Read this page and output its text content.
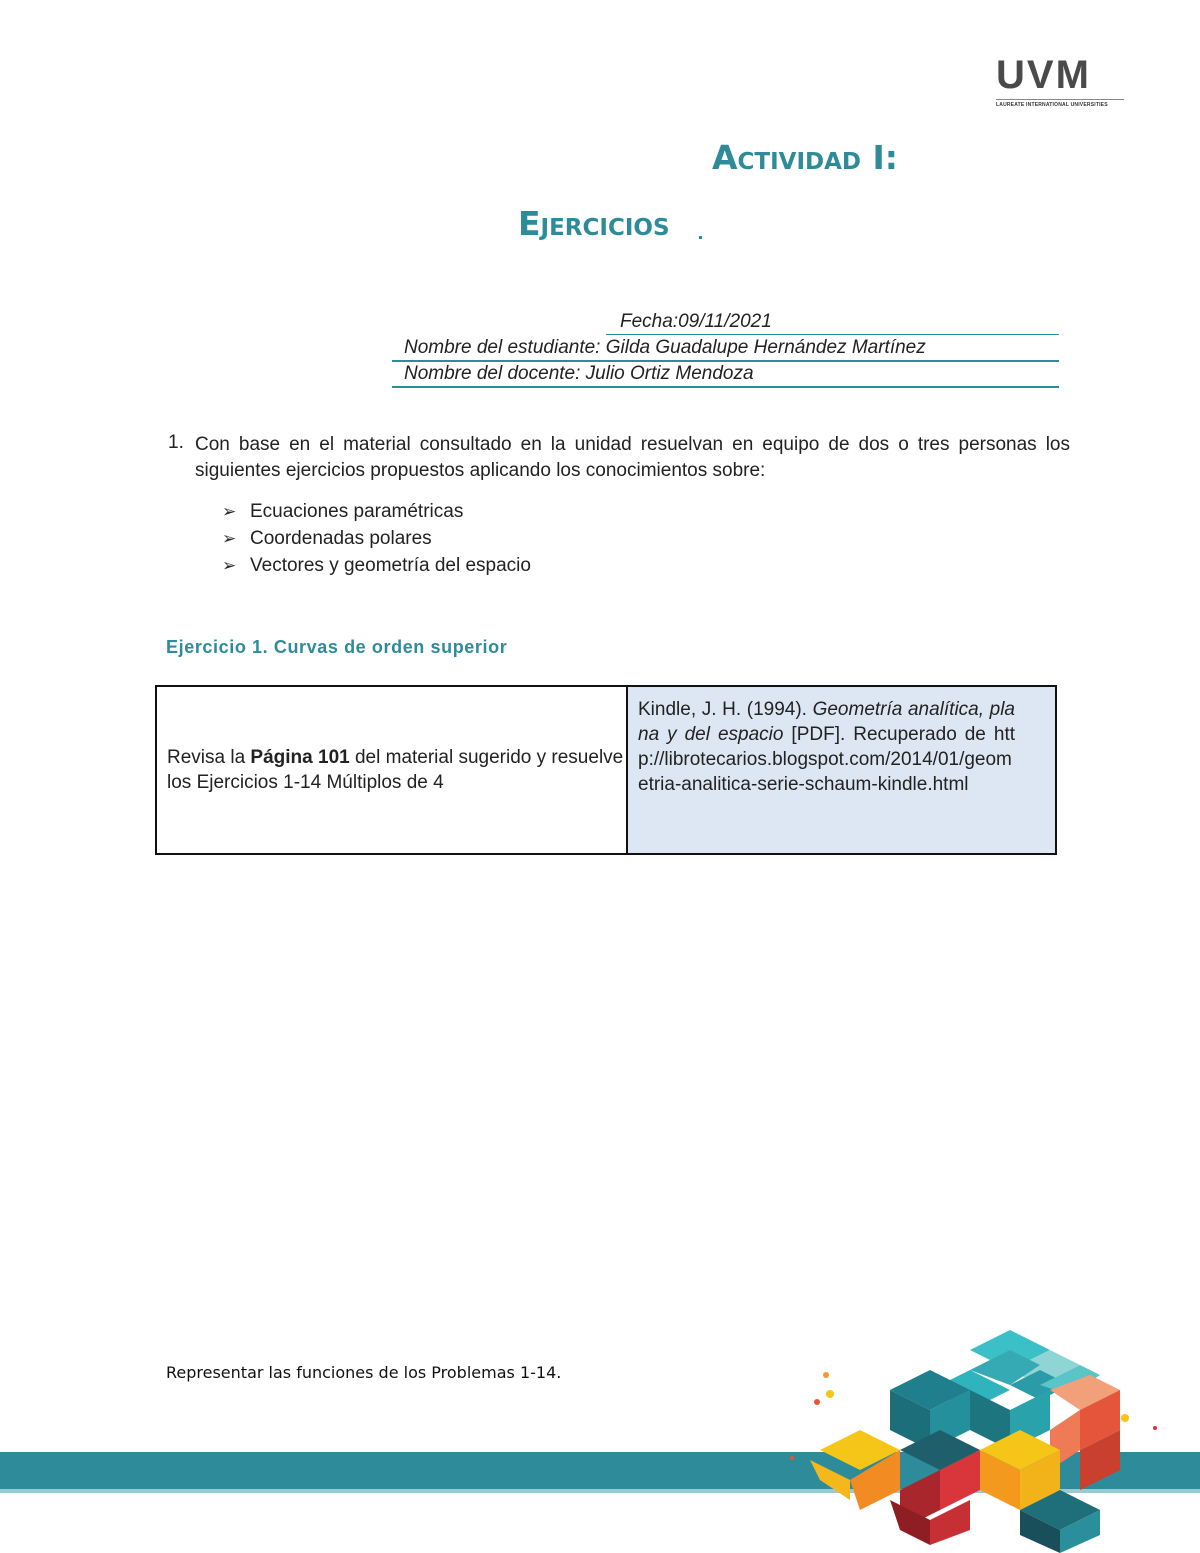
UVM
LAUREATE INTERNATIONAL UNIVERSITIES
Actividad I:
Ejercicios
Fecha:09/11/2021
Nombre del estudiante: Gilda Guadalupe Hernández Martínez
Nombre del docente: Julio Ortiz Mendoza
1. Con base en el material consultado en la unidad resuelvan en equipo de dos o tres personas los siguientes ejercicios propuestos aplicando los conocimientos sobre:
➢ Ecuaciones paramétricas
➢ Coordenadas polares
➢ Vectores y geometría del espacio
Ejercicio 1. Curvas de orden superior
Revisa la Página 101 del material sugerido y resuelve los Ejercicios 1-14 Múltiplos de 4
Kindle, J. H. (1994). Geometría analítica, plana y del espacio [PDF]. Recuperado de http://librotecarios.blogspot.com/2014/01/geometria-analitica-serie-schaum-kindle.html
Representar las funciones de los Problemas 1-14.
